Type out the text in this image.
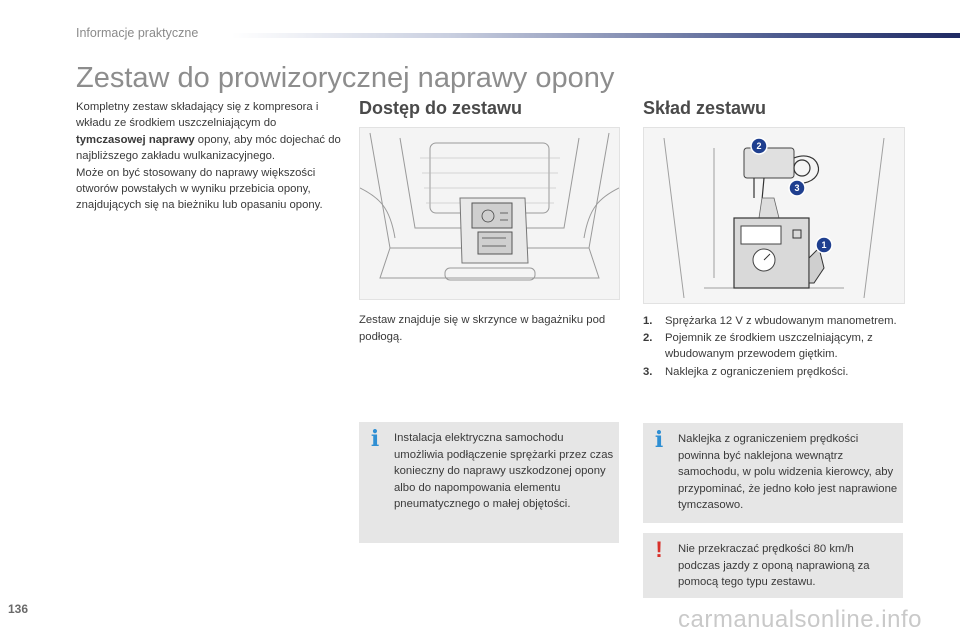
Informacje praktyczne
Zestaw do prowizorycznej naprawy opony
Kompletny zestaw składający się z kompresora i wkładu ze środkiem uszczelniającym do tymczasowej naprawy opony, aby móc dojechać do najbliższego zakładu wulkanizacyjnego.
Może on być stosowany do naprawy większości otworów powstałych w wyniku przebicia opony, znajdujących się na bieżniku lub opasaniu opony.
Dostęp do zestawu	Skład zestawu
2
3
1
Zestaw znajduje się w skrzynce w bagażniku pod podłogą.
1. Sprężarka 12 V z wbudowanym manometrem.
2. Pojemnik ze środkiem uszczelniającym, z wbudowanym przewodem giętkim.
3. Naklejka z ograniczeniem prędkości.
i	Instalacja elektryczna samochodu umożliwia podłączenie sprężarki przez czas konieczny do naprawy uszkodzonej opony albo do napompowania elementu pneumatycznego o małej objętości.
i	Naklejka z ograniczeniem prędkości powinna być naklejona wewnątrz samochodu, w polu widzenia kierowcy, aby przypominać, że jedno koło jest naprawione tymczasowo.
!	Nie przekraczać prędkości 80 km/h podczas jazdy z oponą naprawioną za pomocą tego typu zestawu.
136	carmanualsonline.info
